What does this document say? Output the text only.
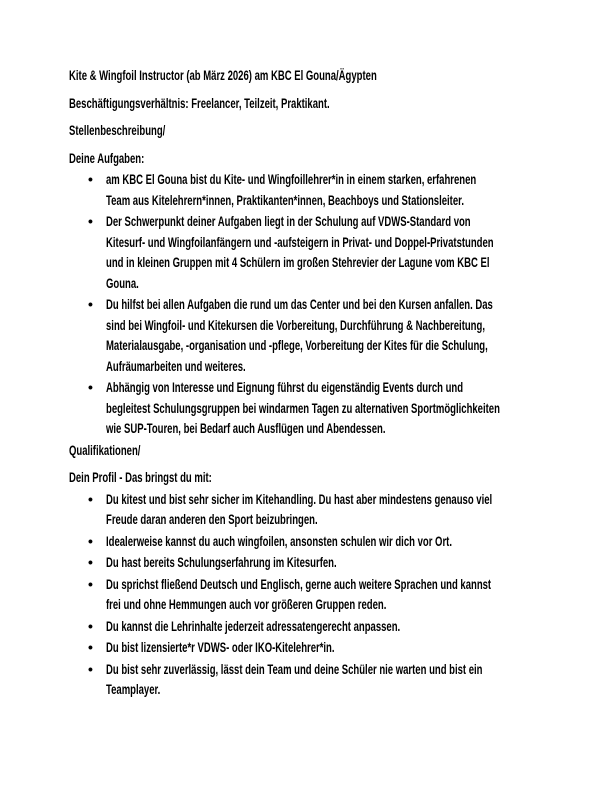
Kite & Wingfoil Instructor (ab März 2026) am KBC El Gouna/Ägypten
Beschäftigungsverhältnis: Freelancer, Teilzeit, Praktikant.
Stellenbeschreibung/
Deine Aufgaben:
• am KBC El Gouna bist du Kite- und Wingfoillehrer*in in einem starken, erfahrenen
Team aus Kitelehrern*innen, Praktikanten*innen, Beachboys und Stationsleiter.
• Der Schwerpunkt deiner Aufgaben liegt in der Schulung auf VDWS-Standard von
Kitesurf- und Wingfoilanfängern und -aufsteigern in Privat- und Doppel-Privatstunden
und in kleinen Gruppen mit 4 Schülern im großen Stehrevier der Lagune vom KBC El
Gouna.
• Du hilfst bei allen Aufgaben die rund um das Center und bei den Kursen anfallen. Das
sind bei Wingfoil- und Kitekursen die Vorbereitung, Durchführung & Nachbereitung,
Materialausgabe, -organisation und -pflege, Vorbereitung der Kites für die Schulung,
Aufräumarbeiten und weiteres.
• Abhängig von Interesse und Eignung führst du eigenständig Events durch und
begleitest Schulungsgruppen bei windarmen Tagen zu alternativen Sportmöglichkeiten
wie SUP-Touren, bei Bedarf auch Ausflügen und Abendessen.
Qualifikationen/
Dein Profil - Das bringst du mit:
• Du kitest und bist sehr sicher im Kitehandling. Du hast aber mindestens genauso viel
Freude daran anderen den Sport beizubringen.
• Idealerweise kannst du auch wingfoilen, ansonsten schulen wir dich vor Ort.
• Du hast bereits Schulungserfahrung im Kitesurfen.
• Du sprichst fließend Deutsch und Englisch, gerne auch weitere Sprachen und kannst
frei und ohne Hemmungen auch vor größeren Gruppen reden.
• Du kannst die Lehrinhalte jederzeit adressatengerecht anpassen.
• Du bist lizensierte*r VDWS- oder IKO-Kitelehrer*in.
• Du bist sehr zuverlässig, lässt dein Team und deine Schüler nie warten und bist ein
Teamplayer.
